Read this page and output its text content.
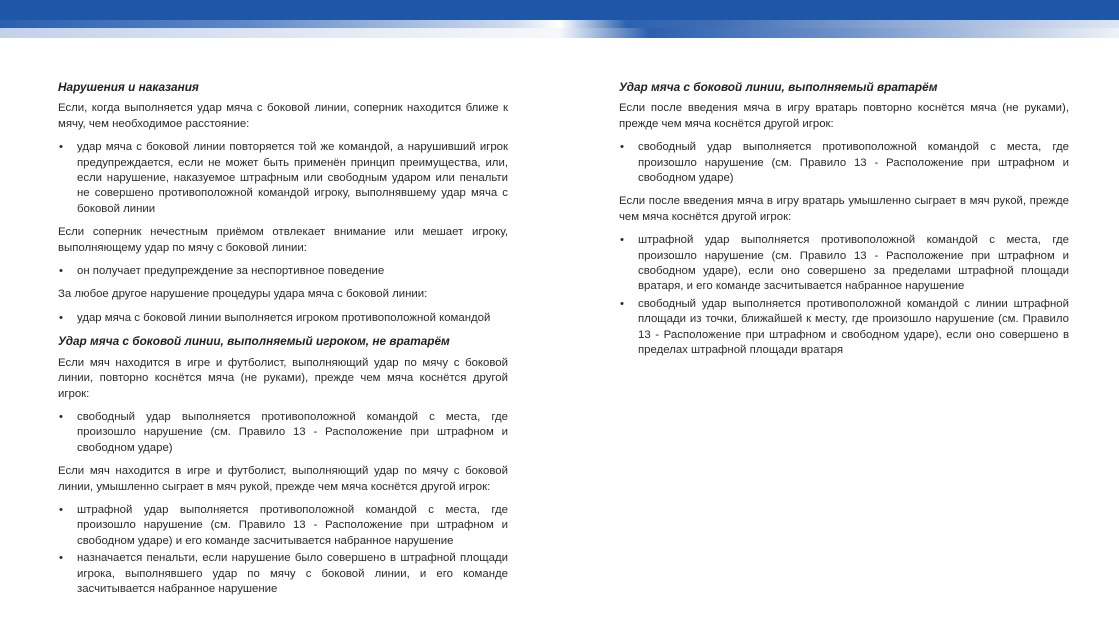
Нарушения и наказания

Если, когда выполняется удар мяча с боковой линии, соперник находится ближе к мячу, чем необходимое расстояние:

• удар мяча с боковой линии повторяется той же командой, а нарушивший игрок предупреждается, если не может быть применён принцип преимущества, или, если нарушение, наказуемое штрафным или свободным ударом или пенальти не совершено противоположной командой игроку, выполнявшему удар мяча с боковой линии

Если соперник нечестным приёмом отвлекает внимание или мешает игроку, выполняющему удар по мячу с боковой линии:

• он получает предупреждение за неспортивное поведение

За любое другое нарушение процедуры удара мяча с боковой линии:

• удар мяча с боковой линии выполняется игроком противоположной командой
Удар мяча с боковой линии, выполняемый игроком, не вратарём

Если мяч находится в игре и футболист, выполняющий удар по мячу с боковой линии, повторно коснётся мяча (не руками), прежде чем мяча коснётся другой игрок:

• свободный удар выполняется противоположной командой с места, где произошло нарушение (см. Правило 13 - Расположение при штрафном и свободном ударе)

Если мяч находится в игре и футболист, выполняющий удар по мячу с боковой линии, умышленно сыграет в мяч рукой, прежде чем мяча коснётся другой игрок:

• штрафной удар выполняется противоположной командой с места, где произошло нарушение (см. Правило 13 - Расположение при штрафном и свободном ударе) и его команде засчитывается набранное нарушение
• назначается пенальти, если нарушение было совершено в штрафной площади игрока, выполнявшего удар по мячу с боковой линии, и его команде засчитывается набранное нарушение
Удар мяча с боковой линии, выполняемый вратарём

Если после введения мяча в игру вратарь повторно коснётся мяча (не руками), прежде чем мяча коснётся другой игрок:

• свободный удар выполняется противоположной командой с места, где произошло нарушение (см. Правило 13 - Расположение при штрафном и свободном ударе)

Если после введения мяча в игру вратарь умышленно сыграет в мяч рукой, прежде чем мяча коснётся другой игрок:

• штрафной удар выполняется противоположной командой с места, где произошло нарушение (см. Правило 13 - Расположение при штрафном и свободном ударе), если оно совершено за пределами штрафной площади вратаря, и его команде засчитывается набранное нарушение
• свободный удар выполняется противоположной командой с линии штрафной площади из точки, ближайшей к месту, где произошло нарушение (см. Правило 13 - Расположение при штрафном и свободном ударе), если оно совершено в пределах штрафной площади вратаря
